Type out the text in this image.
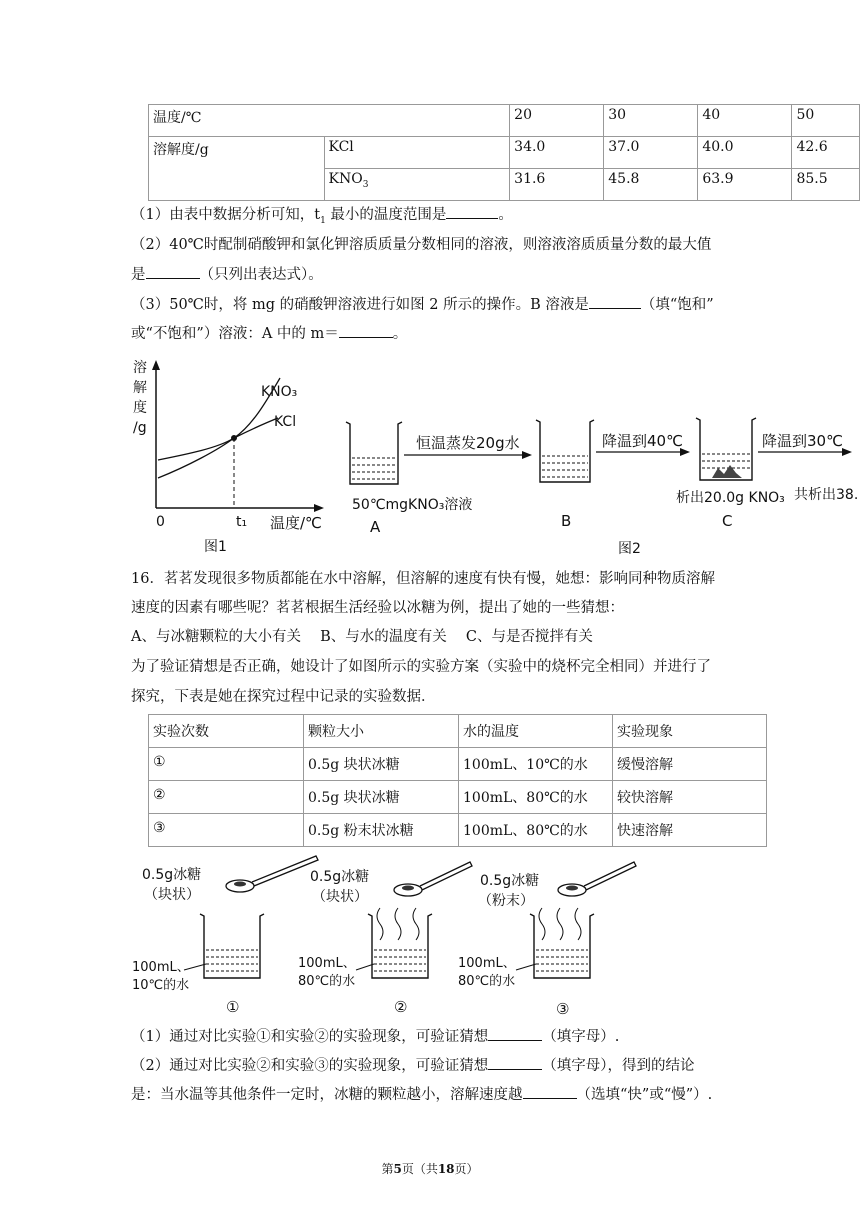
温度/℃		20	30	40	50
溶解度/g	KCl	34.0	37.0	40.0	42.6
	$KNO_3$	31.6	45.8	63.9	85.5
（1）由表中数据分析可知，$t_1$ 最小的温度范围是	。
（2）40℃时配制硝酸钾和氯化钾溶质质量分数相同的溶液，则溶液溶质质量分数的最大值
是	（只列出表达式）。
（3）50℃时，将 mg 的硝酸钾溶液进行如图 2 所示的操作。B 溶液是	（填“饱和”
或“不饱和”）溶液：A 中的 m＝	。
溶
解
度
/g
KNO₃
KCl
0	t₁ 温度/℃
图1
恒温蒸发20g水	降温到40℃	降温到30℃
50℃mgKNO₃溶液	析出20.0g KNO₃ 共析出38.
A	B	C
图2
16．茗茗发现很多物质都能在水中溶解，但溶解的速度有快有慢，她想：影响同种物质溶解
速度的因素有哪些呢？茗茗根据生活经验以冰糖为例，提出了她的一些猜想：
A、与冰糖颗粒的大小有关　 B、与水的温度有关　 C、与是否搅拌有关
为了验证猜想是否正确，她设计了如图所示的实验方案（实验中的烧杯完全相同）并进行了
探究，下表是她在探究过程中记录的实验数据．
实验次数	颗粒大小	水的温度	实验现象
①	0.5g 块状冰糖	100mL、10℃的水	缓慢溶解
②	0.5g 块状冰糖	100mL、80℃的水	较快溶解
③	0.5g 粉末状冰糖	100mL、80℃的水	快速溶解
0.5g冰糖
（块状）
100mL、
10℃的水
①
0.5g冰糖
（块状）
100mL、
80℃的水
②
0.5g冰糖
（粉末）
100mL、
80℃的水
③
（1）通过对比实验①和实验②的实验现象，可验证猜想	（填字母）.
（2）通过对比实验②和实验③的实验现象，可验证猜想	（填字母），得到的结论
是：当水温等其他条件一定时，冰糖的颗粒越小，溶解速度越	（选填“快”或“慢”）.
第5页（共18页）
